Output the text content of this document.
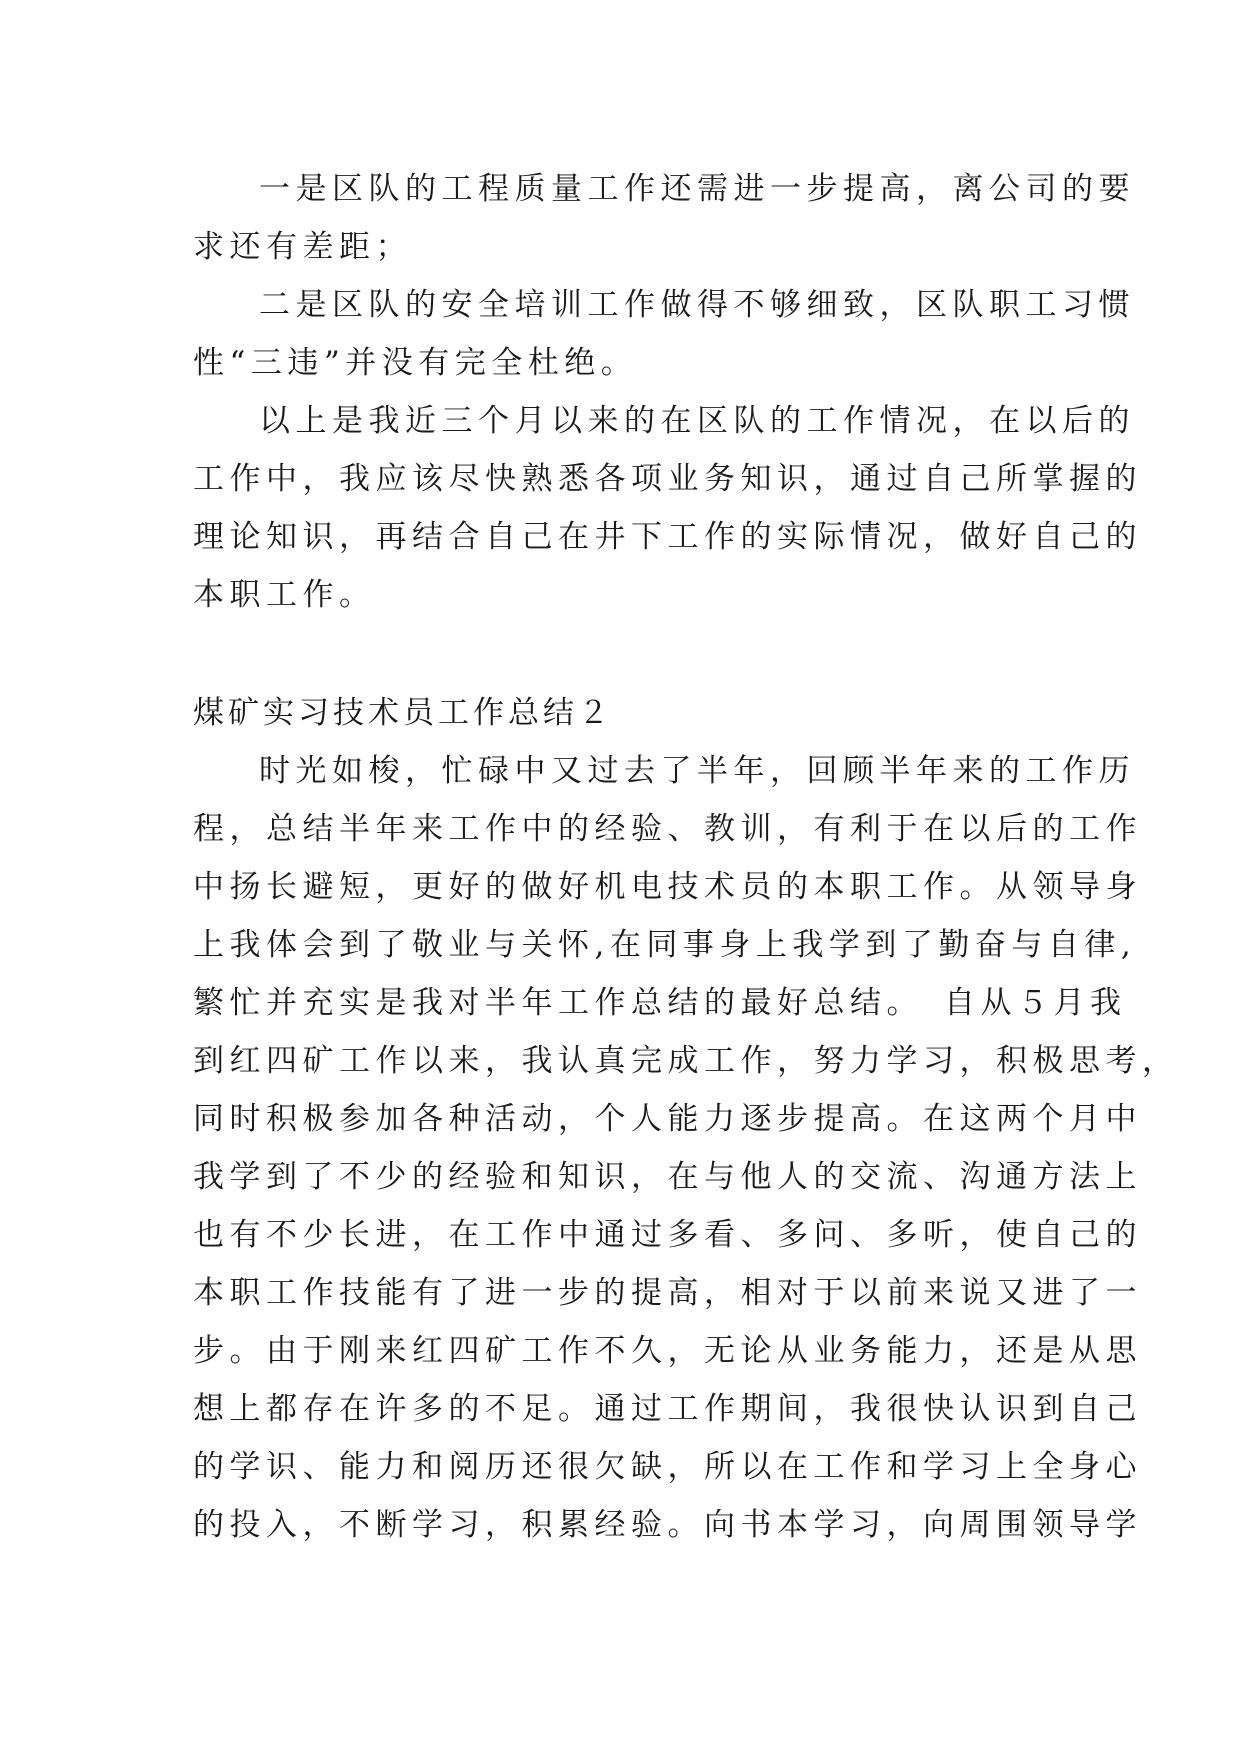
一是区队的工程质量工作还需进一步提高，离公司的要
求还有差距；
二是区队的安全培训工作做得不够细致，区队职工习惯
性“三违”并没有完全杜绝。
以上是我近三个月以来的在区队的工作情况，在以后的
工作中，我应该尽快熟悉各项业务知识，通过自己所掌握的
理论知识，再结合自己在井下工作的实际情况，做好自己的
本职工作。
煤矿实习技术员工作总结２
时光如梭，忙碌中又过去了半年，回顾半年来的工作历
程，总结半年来工作中的经验、教训，有利于在以后的工作
中扬长避短，更好的做好机电技术员的本职工作。从领导身
上我体会到了敬业与关怀,在同事身上我学到了勤奋与自律,
繁忙并充实是我对半年工作总结的最好总结。　自从５月我
到红四矿工作以来，我认真完成工作，努力学习，积极思考，
同时积极参加各种活动，个人能力逐步提高。在这两个月中
我学到了不少的经验和知识，在与他人的交流、沟通方法上
也有不少长进，在工作中通过多看、多问、多听，使自己的
本职工作技能有了进一步的提高，相对于以前来说又进了一
步。由于刚来红四矿工作不久，无论从业务能力，还是从思
想上都存在许多的不足。通过工作期间，我很快认识到自己
的学识、能力和阅历还很欠缺，所以在工作和学习上全身心
的投入，不断学习，积累经验。向书本学习，向周围领导学
